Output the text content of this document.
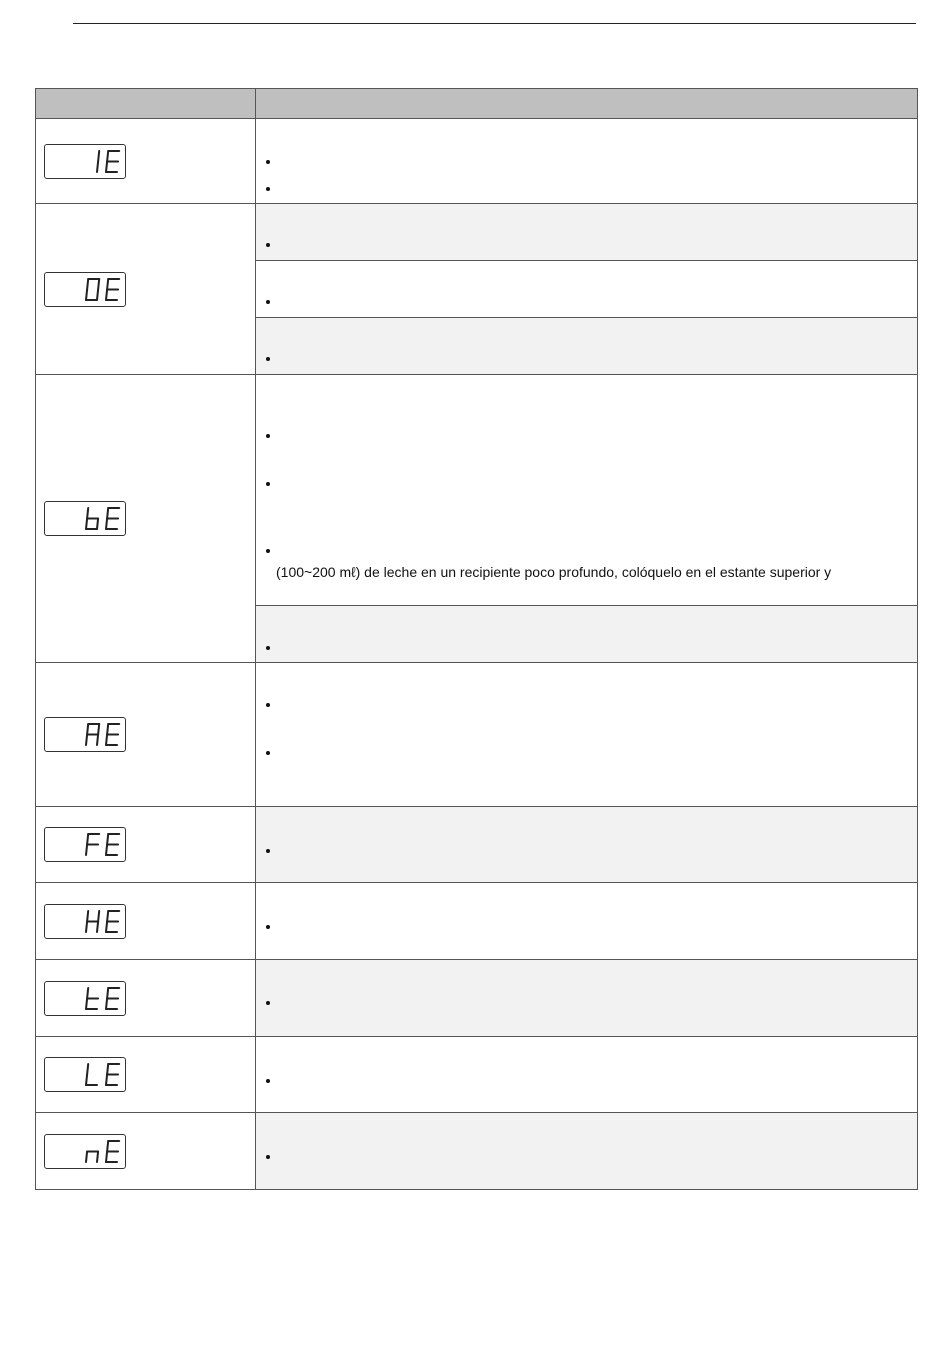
(100~200 mℓ) de leche en un recipiente poco profundo, colóquelo en el estante superior y
